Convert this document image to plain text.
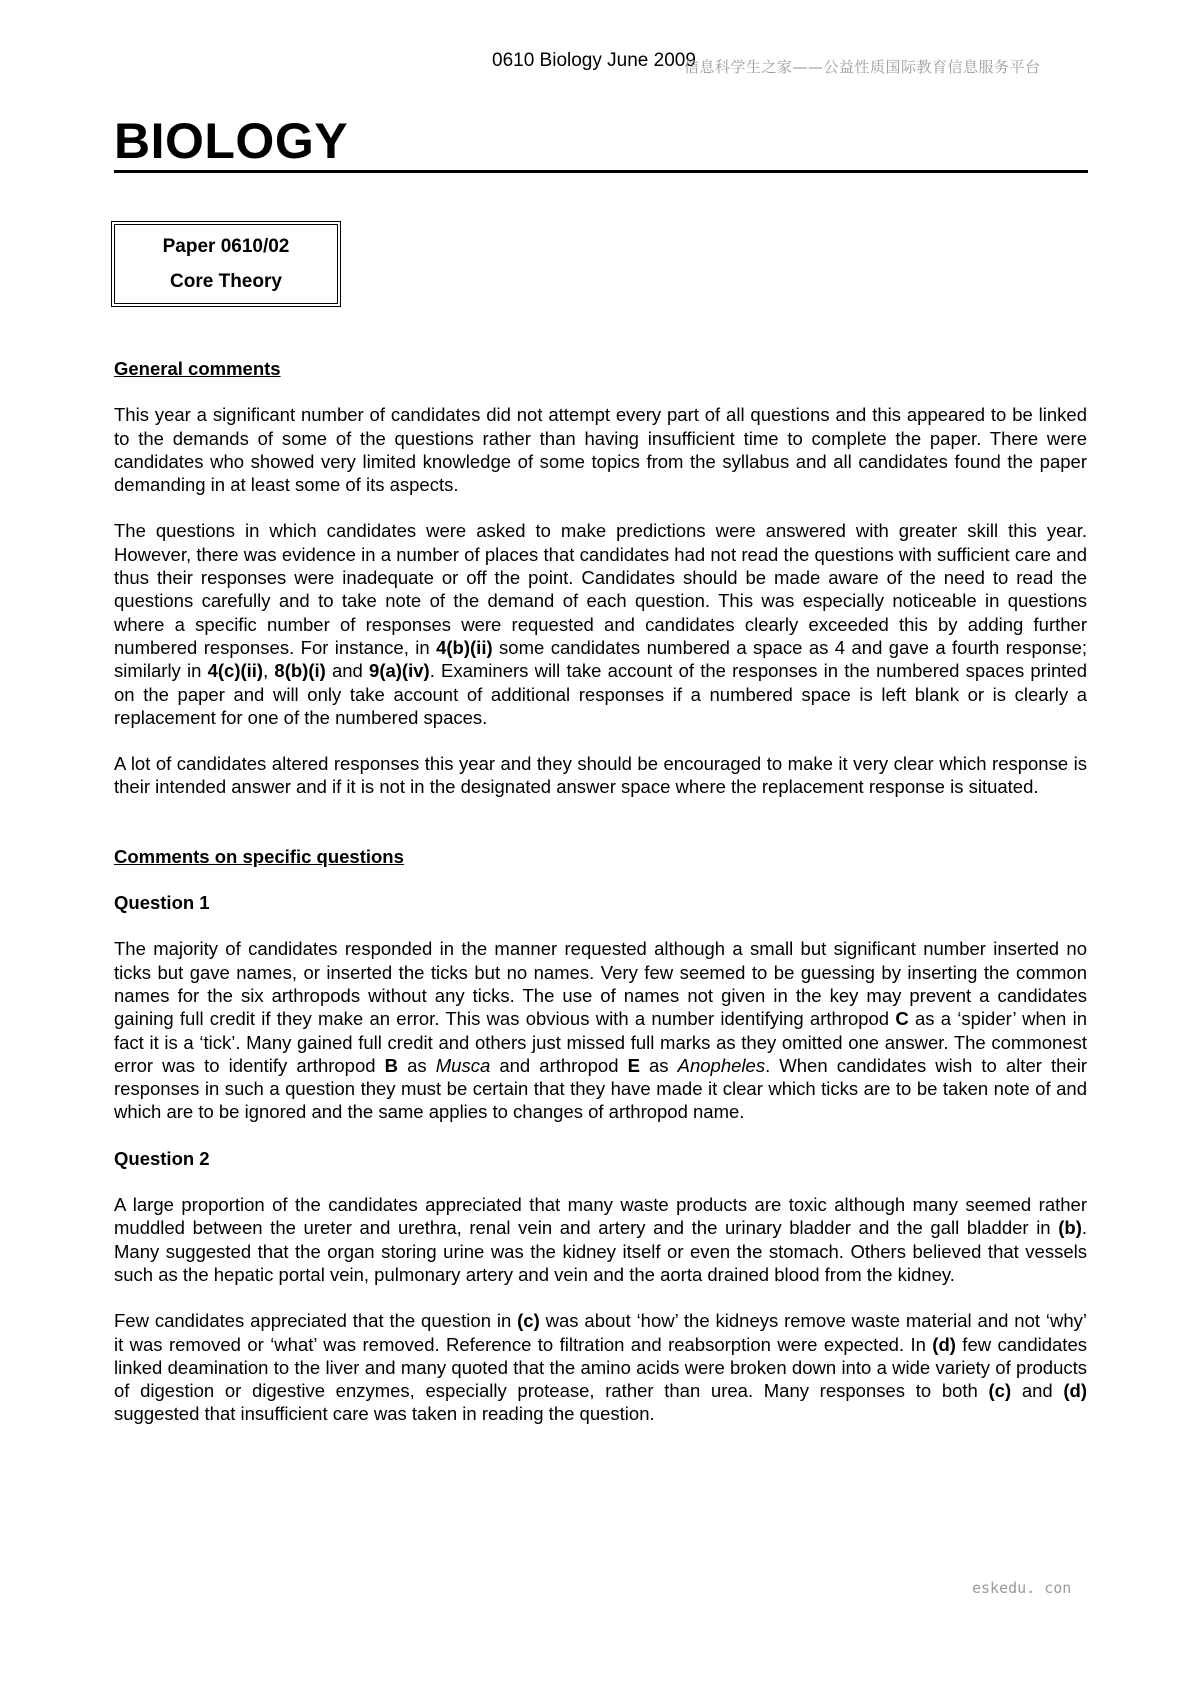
0610 Biology June 2009
信息科学生之家——公益性质国际教育信息服务平台
BIOLOGY
Paper 0610/02
Core Theory
General comments

This year a significant number of candidates did not attempt every part of all questions and this appeared to be linked to the demands of some of the questions rather than having insufficient time to complete the paper. There were candidates who showed very limited knowledge of some topics from the syllabus and all candidates found the paper demanding in at least some of its aspects.

The questions in which candidates were asked to make predictions were answered with greater skill this year. However, there was evidence in a number of places that candidates had not read the questions with sufficient care and thus their responses were inadequate or off the point. Candidates should be made aware of the need to read the questions carefully and to take note of the demand of each question. This was especially noticeable in questions where a specific number of responses were requested and candidates clearly exceeded this by adding further numbered responses. For instance, in 4(b)(ii) some candidates numbered a space as 4 and gave a fourth response; similarly in 4(c)(ii), 8(b)(i) and 9(a)(iv). Examiners will take account of the responses in the numbered spaces printed on the paper and will only take account of additional responses if a numbered space is left blank or is clearly a replacement for one of the numbered spaces.

A lot of candidates altered responses this year and they should be encouraged to make it very clear which response is their intended answer and if it is not in the designated answer space where the replacement response is situated.

Comments on specific questions
Question 1

The majority of candidates responded in the manner requested although a small but significant number inserted no ticks but gave names, or inserted the ticks but no names. Very few seemed to be guessing by inserting the common names for the six arthropods without any ticks. The use of names not given in the key may prevent a candidates gaining full credit if they make an error. This was obvious with a number identifying arthropod C as a ‘spider’ when in fact it is a ‘tick’. Many gained full credit and others just missed full marks as they omitted one answer. The commonest error was to identify arthropod B as Musca and arthropod E as Anopheles. When candidates wish to alter their responses in such a question they must be certain that they have made it clear which ticks are to be taken note of and which are to be ignored and the same applies to changes of arthropod name.

Question 2

A large proportion of the candidates appreciated that many waste products are toxic although many seemed rather muddled between the ureter and urethra, renal vein and artery and the urinary bladder and the gall bladder in (b). Many suggested that the organ storing urine was the kidney itself or even the stomach. Others believed that vessels such as the hepatic portal vein, pulmonary artery and vein and the aorta drained blood from the kidney.

Few candidates appreciated that the question in (c) was about ‘how’ the kidneys remove waste material and not ‘why’ it was removed or ‘what’ was removed. Reference to filtration and reabsorption were expected. In (d) few candidates linked deamination to the liver and many quoted that the amino acids were broken down into a wide variety of products of digestion or digestive enzymes, especially protease, rather than urea. Many responses to both (c) and (d) suggested that insufficient care was taken in reading the question.

eskedu. con
